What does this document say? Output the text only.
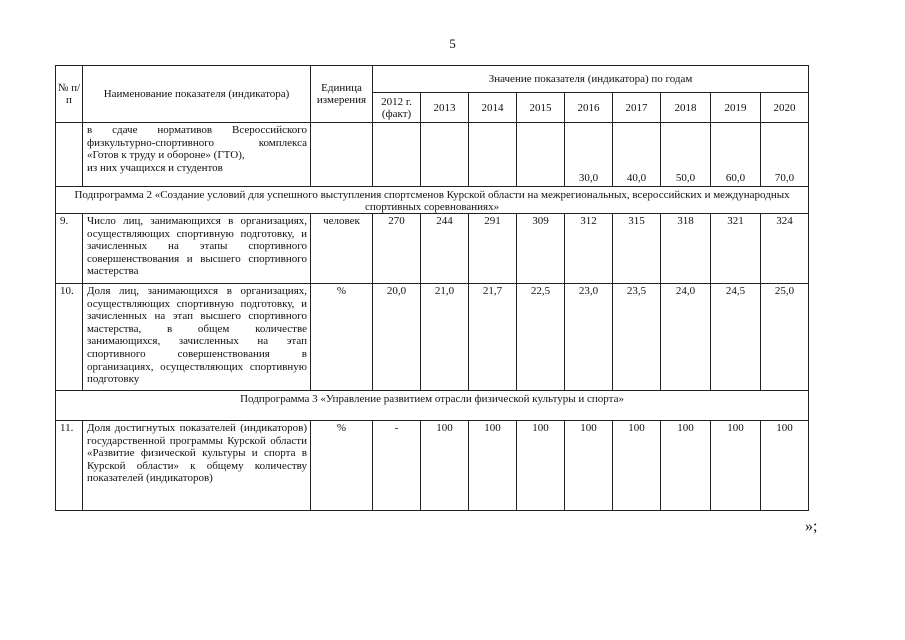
5
№ п/п	Наименование показателя (индикатора)	Единица измерения	Значение показателя (индикатора) по годам								
			2012 г. (факт)	2013	2014	2015	2016	2017	2018	2019	2020

	в сдаче нормативов Всероссийского
физкультурно-спортивного комплекса
«Готов к труду и обороне» (ГТО),
из них учащихся и студентов						30,0	40,0	50,0	60,0	70,0
Подпрограмма 2 «Создание условий для успешного выступления спортсменов Курской области на межрегиональных, всероссийских и международных спортивных соревнованиях»											
9.	Число лиц, занимающихся в организациях, осуществляющих спортивную подготовку, и зачисленных на этапы спортивного совершенствования и высшего спортивного мастерства	человек	270	244	291	309	312	315	318	321	324
10.	Доля лиц, занимающихся в организациях, осуществляющих спортивную подготовку, и зачисленных на этап высшего спортивного мастерства, в общем количестве занимающихся, зачисленных на этап спортивного совершенствования в организациях, осуществляющих спортивную подготовку	%	20,0	21,0	21,7	22,5	23,0	23,5	24,0	24,5	25,0
Подпрограмма 3 «Управление развитием отрасли физической культуры и спорта»											
11.	Доля достигнутых показателей (индикаторов) государственной программы Курской области «Развитие физической культуры и спорта в Курской области» к общему количеству показателей (индикаторов)	%	-	100	100	100	100	100	100	100	100
»;
